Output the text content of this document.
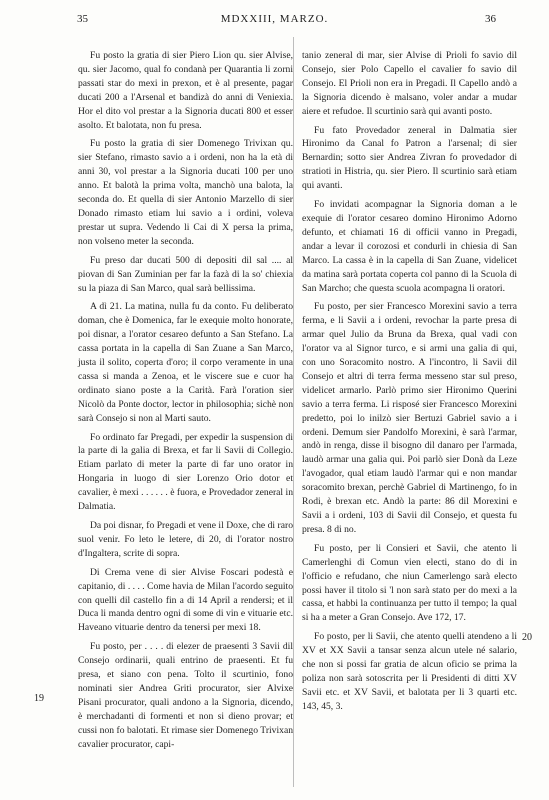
35	MDXXIII, MARZO.	36
19
20

Fu posto la gratia di sier Piero Lion qu. sier Alvise, qu. sier Jacomo, qual fo condanà per Quarantia li zorni passati star do mexi in prexon, et è al presente, pagar ducati 200 a l'Arsenal et bandizà do anni di Veniexia. Hor el dito vol prestar a la Signoria ducati 800 et esser asolto. Et balotata, non fu presa.

Fu posto la gratia di sier Domenego Trivixan qu. sier Stefano, rimasto savio a i ordeni, non ha la età di anni 30, vol prestar a la Signoria ducati 100 per uno anno. Et balotà la prima volta, manchò una balota, la seconda do. Et quella di sier Antonio Marzello di sier Donado rimasto etiam lui savio a i ordini, voleva prestar ut supra. Vedendo li Cai di X persa la prima, non volseno meter la seconda.

Fu preso dar ducati 500 di depositi dil sal .... al piovan di San Zuminian per far la fazà di la so' chiexia su la piaza di San Marco, qual sarà bellissima.

A dì 21. La matina, nulla fu da conto. Fu deliberato doman, che è Domenica, far le exequie molto honorate, poi disnar, a l'orator cesareo defunto a San Stefano. La cassa portata in la capella di San Zuane a San Marco, justa il solito, coperta d'oro; il corpo veramente in una cassa si manda a Zenoa, et le viscere sue e cuor ha ordinato siano poste a la Carità. Farà l'oration sier Nicolò da Ponte doctor, lector in philosophia; sichè non sarà Consejo si non al Marti sauto.

Fo ordinato far Pregadi, per expedir la suspension di la parte di la galia di Brexa, et far li Savii di Collegio. Etiam parlato di meter la parte di far uno orator in Hongaria in luogo di sier Lorenzo Orio dotor et cavalier, è mexi . . . . . . è fuora, e Provedador zeneral in Dalmatia.

Da poi disnar, fo Pregadi et vene il Doxe, che di raro suol venir. Fo leto le letere, di 20, di l'orator nostro d'Ingaltera, scrite di sopra.

Di Crema vene di sier Alvise Foscari podestà e capitanio, di . . . . Come havia de Milan l'acordo seguito con quelli dil castello fin a di 14 April a rendersi; et il Duca li manda dentro ogni di some di vin e vituarie etc. Haveano vituarie dentro da tenersi per mexi 18.

Fu posto, per . . . . di elezer de praesenti 3 Savii dil Consejo ordinarii, quali entrino de praesenti. Et fu presa, et siano con pena. Tolto il scurtinio, fono nominati sier Andrea Griti procurator, sier Alvixe Pisani procurator, quali andono a la Signoria, dicendo, è merchadanti di formenti et non si dieno provar; et cussi non fo balotati. Et rimase sier Domenego Trivixan cavalier procurator, capi-

tanio zeneral di mar, sier Alvise di Prioli fo savio dil Consejo, sier Polo Capello el cavalier fo savio dil Consejo. El Prioli non era in Pregadi. Il Capello andò a la Signoria dicendo è malsano, voler andar a mudar aiere et refudoe. Il scurtinio sarà qui avanti posto.

Fu fato Provedador zeneral in Dalmatia sier Hironimo da Canal fo Patron a l'arsenal; di sier Bernardin; sotto sier Andrea Zivran fo provedador di stratioti in Histria, qu. sier Piero. Il scurtinio sarà etiam qui avanti.

Fo invidati acompagnar la Signoria doman a le exequie di l'orator cesareo domino Hironimo Adorno defunto, et chiamati 16 di officii vanno in Pregadi, andar a levar il corozosi et condurli in chiesia di San Marco. La cassa è in la capella di San Zuane, videlicet da matina sarà portata coperta col panno di la Scuola di San Marcho; che questa scuola acompagna li oratori.

Fu posto, per sier Francesco Morexini savio a terra ferma, e li Savii a i ordeni, revochar la parte presa di armar quel Julio da Bruna da Brexa, qual vadi con l'orator va al Signor turco, e si armi una galia di qui, con uno Soracomito nostro. A l'incontro, li Savii dil Consejo et altri di terra ferma messeno star sul preso, videlicet armarlo. Parlò primo sier Hironimo Querini savio a terra ferma. Li risposé sier Francesco Morexini predetto, poi lo inilzò sier Bertuzi Gabriel savio a i ordeni. Demum sier Pandolfo Morexini, è sarà l'armar, andò in renga, disse il bisogno dil danaro per l'armada, laudò armar una galia qui. Poi parlò sier Donà da Leze l'avogador, qual etiam laudò l'armar qui e non mandar soracomito brexan, perchè Gabriel di Martinengo, fo in Rodi, è brexan etc. Andò la parte: 86 dil Morexini e Savii a i ordeni, 103 di Savii dil Consejo, et questa fu presa. 8 di no.

Fu posto, per li Consieri et Savii, che atento li Camerlenghi di Comun vien electi, stano do di in l'officio e refudano, che niun Camerlengo sarà electo possi haver il titolo si 'l non sarà stato per do mexi a la cassa, et habbi la continuanza per tutto il tempo; la qual si ha a meter a Gran Consejo. Ave 172, 17.

Fo posto, per li Savii, che atento quelli atendeno a li XV et XX Savii a tansar senza alcun utele né salario, che non si possi far gratia de alcun oficio se prima la poliza non sarà sotoscrita per li Presidenti di ditti XV Savii etc. et XV Savii, et balotata per li 3 quarti etc. 143, 45, 3.
